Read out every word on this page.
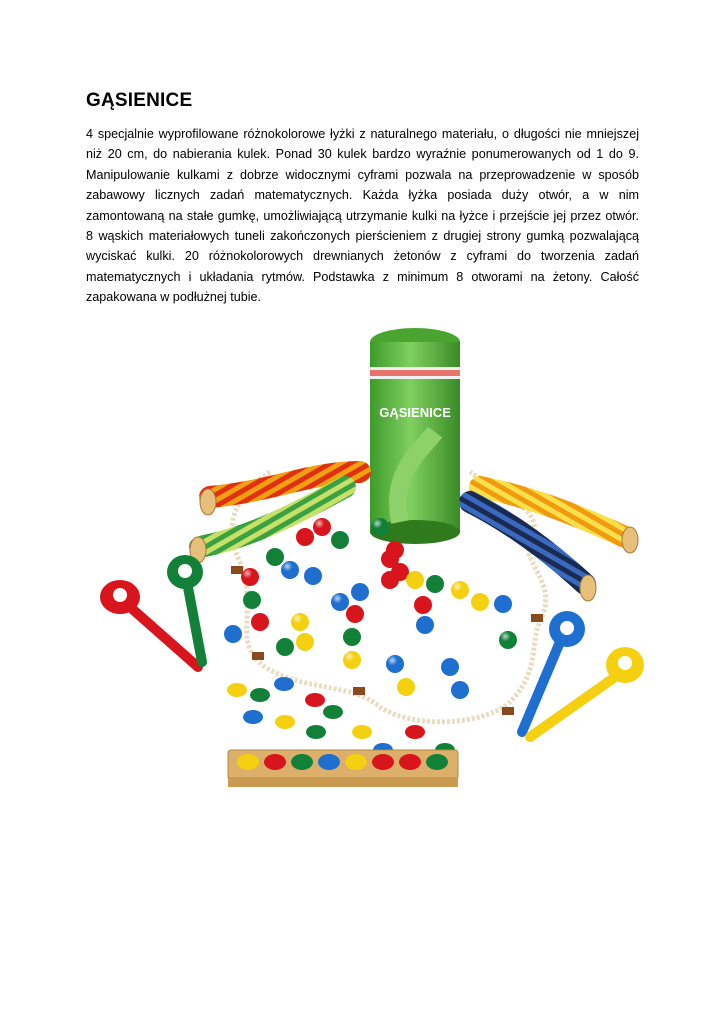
GĄSIENICE

4 specjalnie wyprofilowane różnokolorowe łyżki z naturalnego materiału, o długości nie mniejszej niż 20 cm, do nabierania kulek. Ponad 30 kulek bardzo wyraźnie ponumerowanych od 1 do 9. Manipulowanie kulkami z dobrze widocznymi cyframi pozwala na przeprowadzenie w sposób zabawowy licznych zadań matematycznych. Każda łyżka posiada duży otwór, a w nim zamontowaną na stałe gumkę, umożliwiającą utrzymanie kulki na łyżce i przejście jej przez otwór. 8 wąskich materiałowych tuneli zakończonych pierścieniem z drugiej strony gumką pozwalającą wyciskać kulki. 20 różnokolorowych drewnianych żetonów z cyframi do tworzenia zadań matematycznych i układania rytmów. Podstawka z minimum 8 otworami na żetony. Całość zapakowana w podłużnej tubie.

GĄSIENICE
